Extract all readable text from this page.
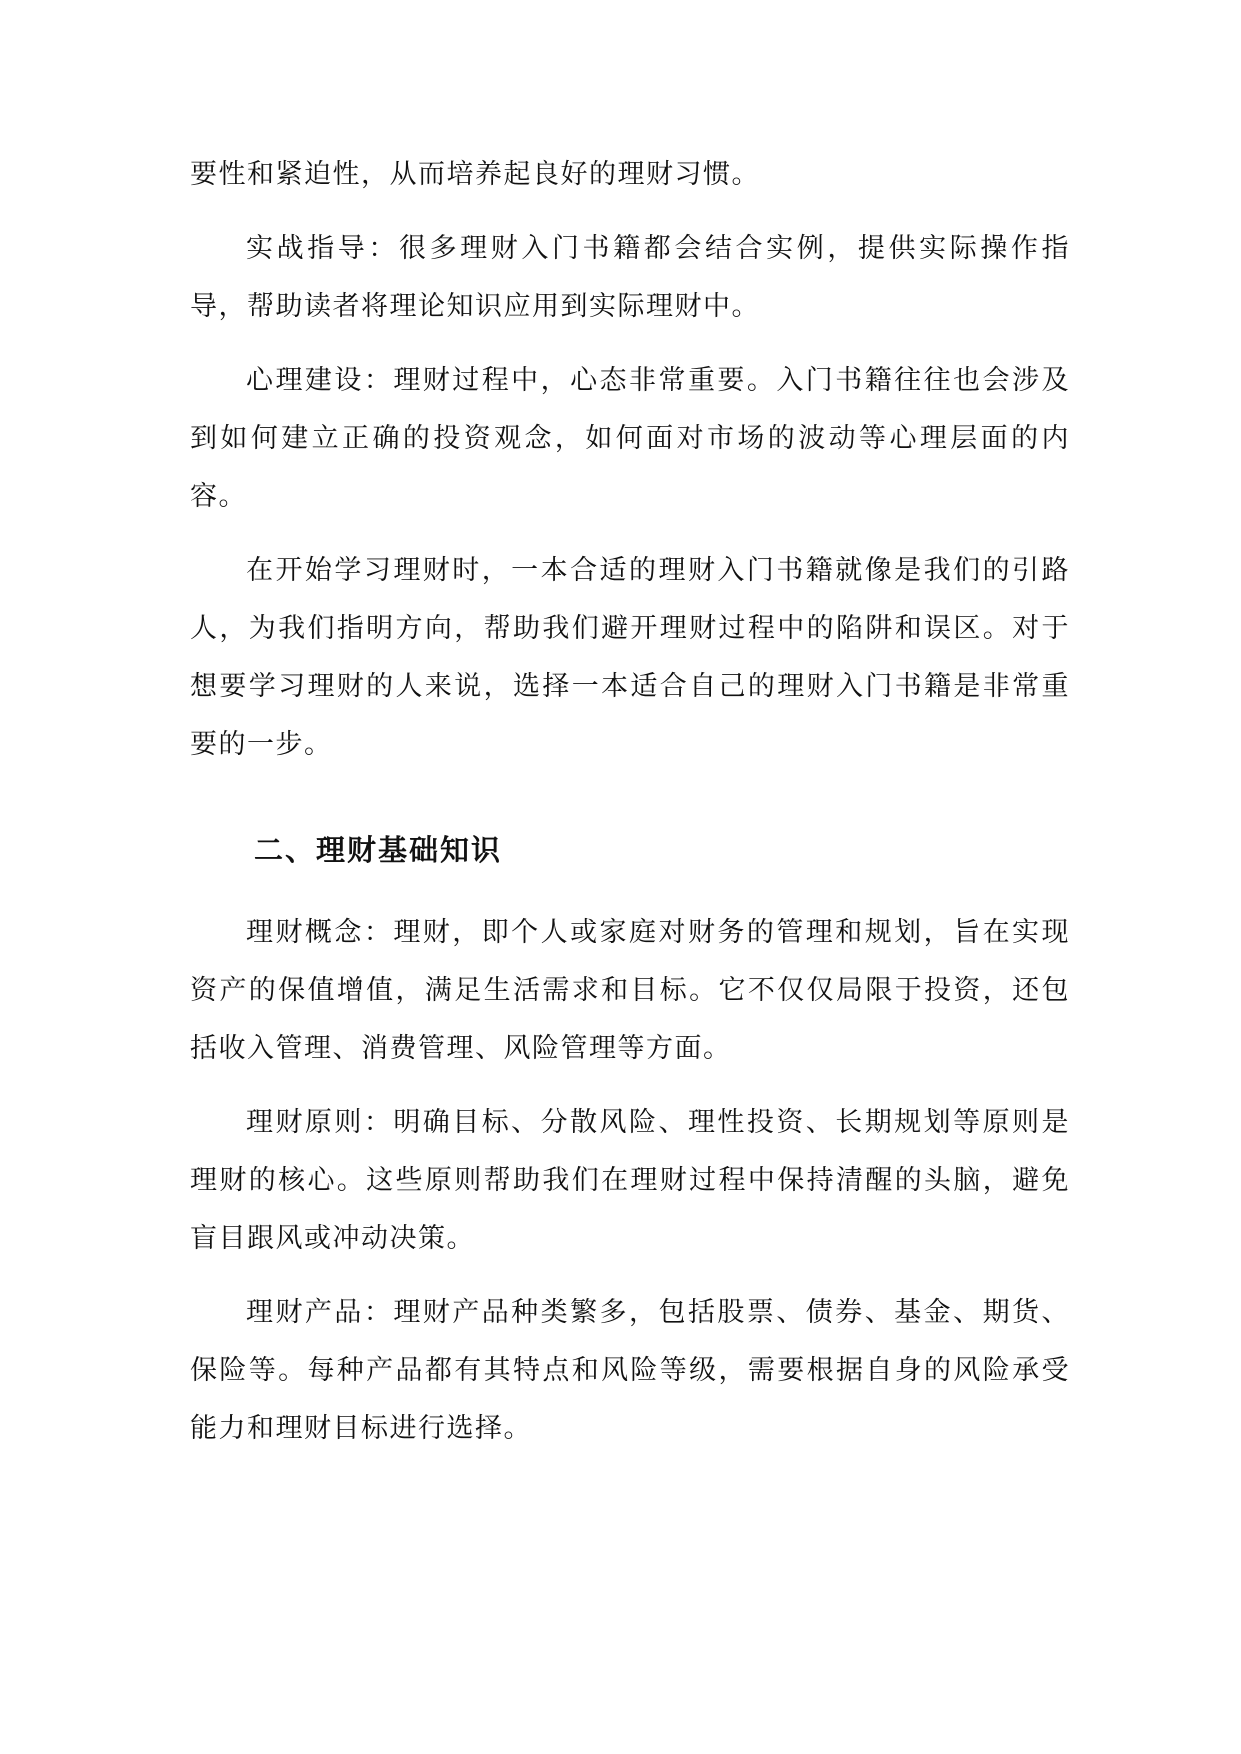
要性和紧迫性，从而培养起良好的理财习惯。

实战指导：很多理财入门书籍都会结合实例，提供实际操作指导，帮助读者将理论知识应用到实际理财中。

心理建设：理财过程中，心态非常重要。入门书籍往往也会涉及到如何建立正确的投资观念，如何面对市场的波动等心理层面的内容。

在开始学习理财时，一本合适的理财入门书籍就像是我们的引路人，为我们指明方向，帮助我们避开理财过程中的陷阱和误区。对于想要学习理财的人来说，选择一本适合自己的理财入门书籍是非常重要的一步。

二、理财基础知识

理财概念：理财，即个人或家庭对财务的管理和规划，旨在实现资产的保值增值，满足生活需求和目标。它不仅仅局限于投资，还包括收入管理、消费管理、风险管理等方面。

理财原则：明确目标、分散风险、理性投资、长期规划等原则是理财的核心。这些原则帮助我们在理财过程中保持清醒的头脑，避免盲目跟风或冲动决策。

理财产品：理财产品种类繁多，包括股票、债券、基金、期货、保险等。每种产品都有其特点和风险等级，需要根据自身的风险承受能力和理财目标进行选择。
